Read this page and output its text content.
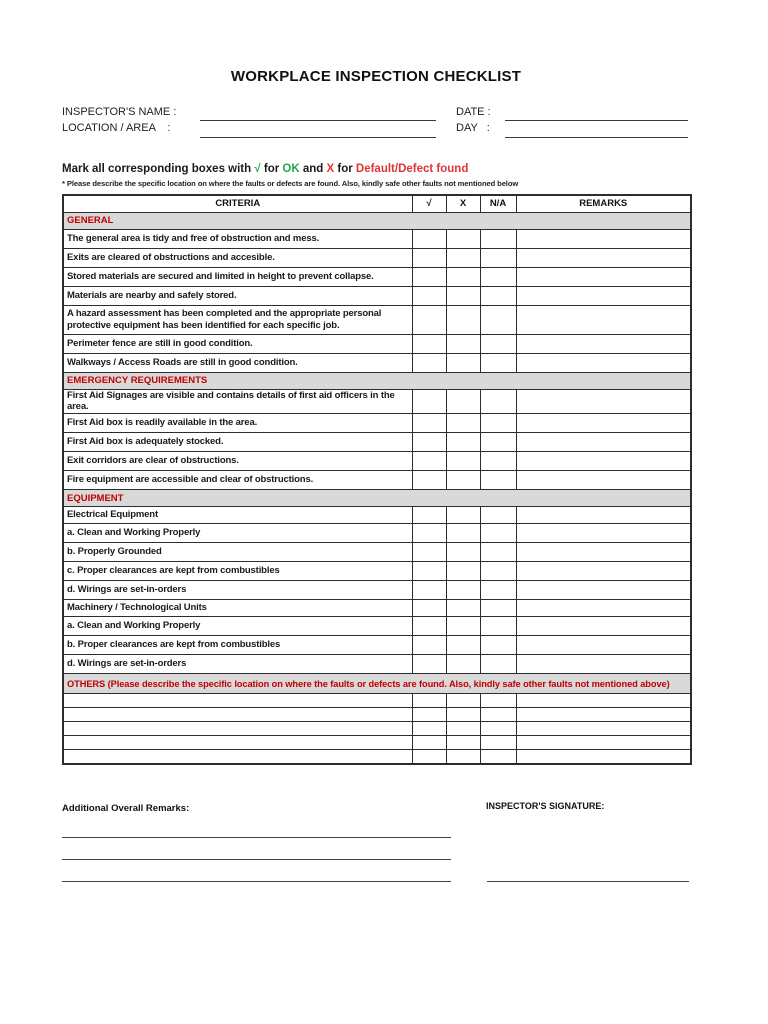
WORKPLACE INSPECTION CHECKLIST
INSPECTOR'S NAME :	DATE :
LOCATION / AREA    :	DAY   :
Mark all corresponding boxes with √ for OK and X for Default/Defect found
* Please describe the specific location on where the faults or defects are found. Also, kindly safe other faults not mentioned below
CRITERIA	√	X	N/A	REMARKS
GENERAL				
The general area is tidy and free of obstruction and mess.				
Exits are cleared of obstructions and accesible.				
Stored materials are secured and limited in height to prevent collapse.				
Materials are nearby and safely stored.				
A hazard assessment has been completed and the appropriate personal protective equipment has been identified for each specific job.				
Perimeter fence are still in good condition.				
Walkways / Access Roads are still in good condition.				
EMERGENCY REQUIREMENTS				
First Aid Signages are visible and contains details of first aid officers in the area.				
First Aid box is readily available in the area.				
First Aid box is adequately stocked.				
Exit corridors are clear of obstructions.				
Fire equipment are accessible and clear of obstructions.				
EQUIPMENT				
Electrical Equipment				
a. Clean and Working Properly				
b. Properly Grounded				
c. Proper clearances are kept from combustibles				
d. Wirings are set-in-orders				
Machinery / Technological Units				
a. Clean and Working Properly				
b. Proper clearances are kept from combustibles				
d. Wirings are set-in-orders				
OTHERS (Please describe the specific location on where the faults or defects are found. Also, kindly safe other faults not mentioned above)				

Additional Overall Remarks:	INSPECTOR'S SIGNATURE:
